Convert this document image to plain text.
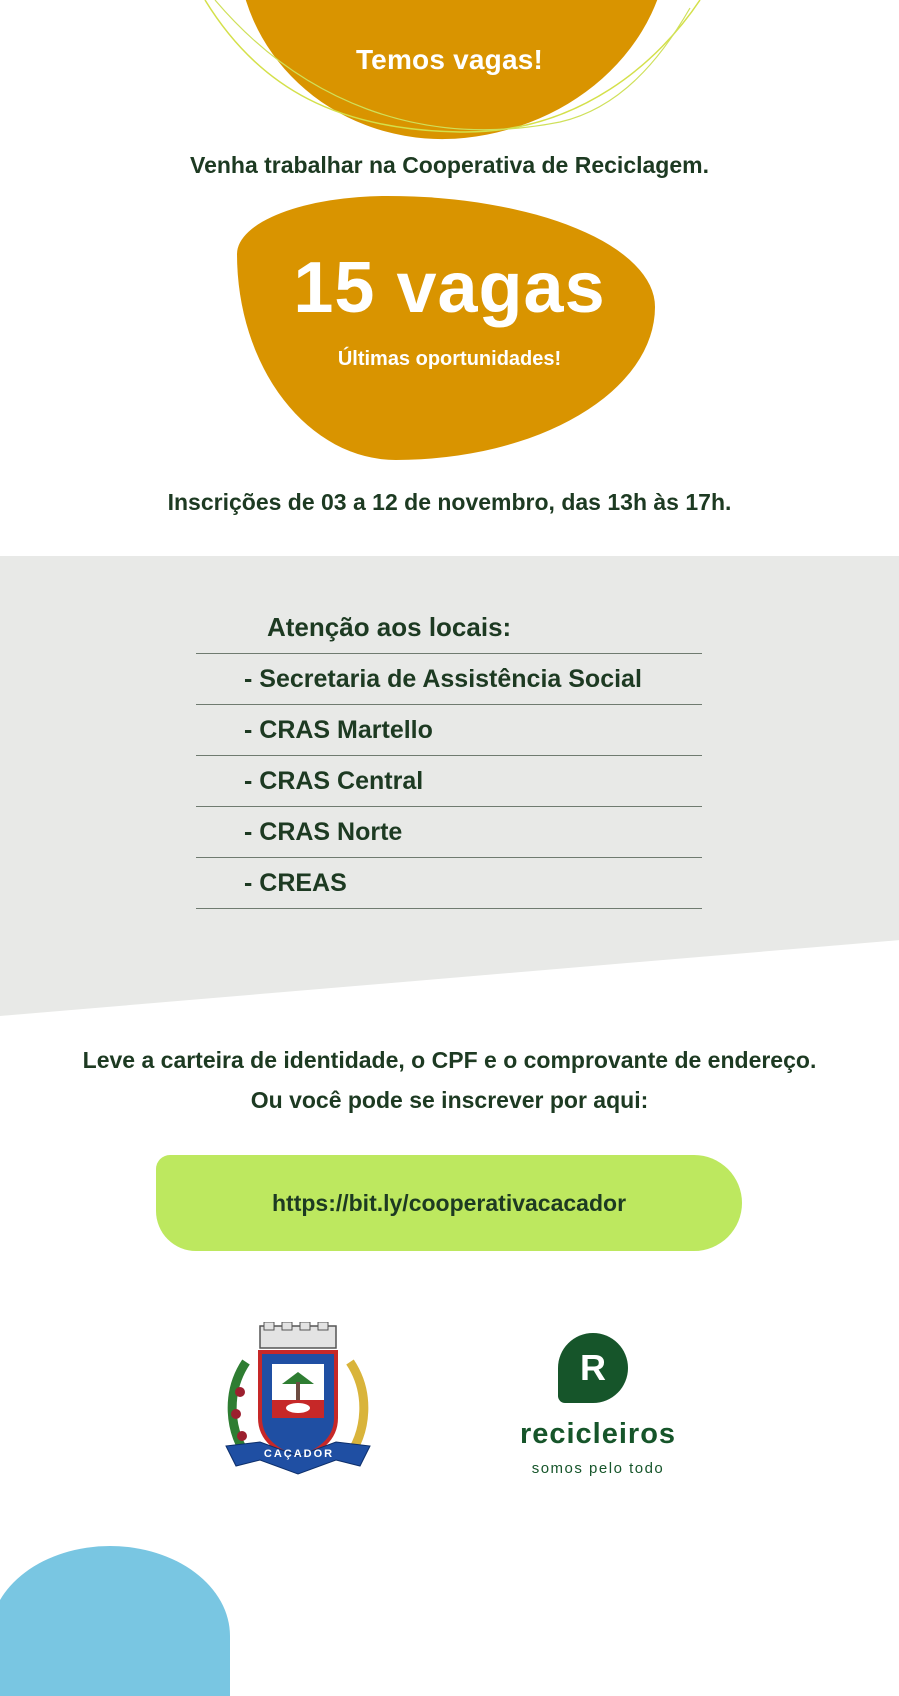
Temos vagas!
Venha trabalhar na Cooperativa de Reciclagem.
15 vagas
Últimas oportunidades!
Inscrições de 03 a 12 de novembro, das 13h às 17h.
Atenção aos locais:
- Secretaria de Assistência Social
- CRAS Martello
- CRAS Central
- CRAS Norte
- CREAS
Leve a carteira de identidade, o CPF e o comprovante de endereço.
Ou você pode se inscrever por aqui:
https://bit.ly/cooperativacacador
CAÇADOR
R
recicleiros
somos pelo todo
